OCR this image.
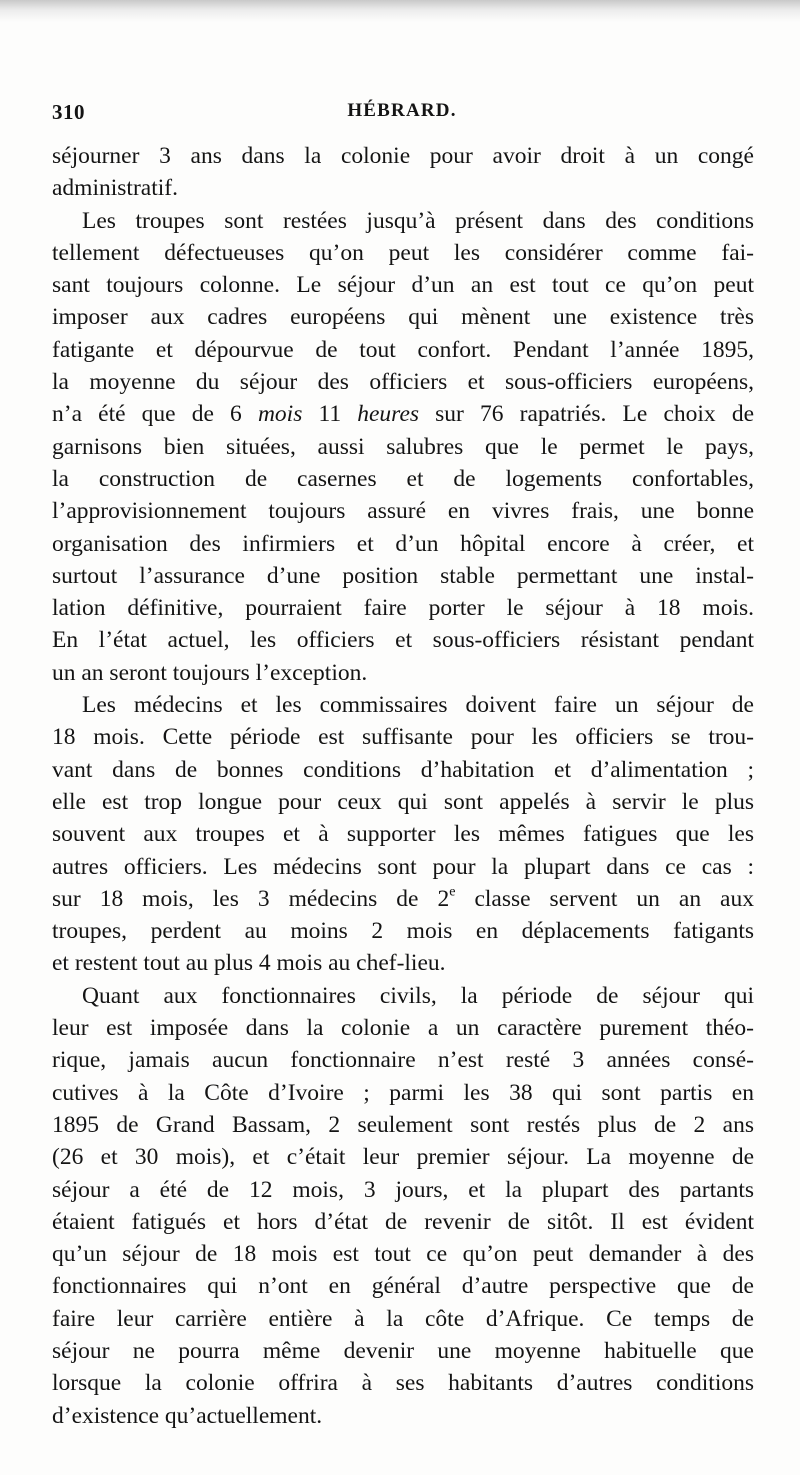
310	HÉBRARD.
séjourner 3 ans dans la colonie pour avoir droit à un congé
administratif.
Les troupes sont restées jusqu’à présent dans des conditions
tellement défectueuses qu’on peut les considérer comme fai-
sant toujours colonne. Le séjour d’un an est tout ce qu’on peut
imposer aux cadres européens qui mènent une existence très
fatigante et dépourvue de tout confort. Pendant l’année 1895,
la moyenne du séjour des officiers et sous-officiers européens,
n’a été que de 6 mois 11 heures sur 76 rapatriés. Le choix de
garnisons bien situées, aussi salubres que le permet le pays,
la construction de casernes et de logements confortables,
l’approvisionnement toujours assuré en vivres frais, une bonne
organisation des infirmiers et d’un hôpital encore à créer, et
surtout l’assurance d’une position stable permettant une instal-
lation définitive, pourraient faire porter le séjour à 18 mois.
En l’état actuel, les officiers et sous-officiers résistant pendant
un an seront toujours l’exception.
Les médecins et les commissaires doivent faire un séjour de
18 mois. Cette période est suffisante pour les officiers se trou-
vant dans de bonnes conditions d’habitation et d’alimentation ;
elle est trop longue pour ceux qui sont appelés à servir le plus
souvent aux troupes et à supporter les mêmes fatigues que les
autres officiers. Les médecins sont pour la plupart dans ce cas :
sur 18 mois, les 3 médecins de 2e classe servent un an aux
troupes, perdent au moins 2 mois en déplacements fatigants
et restent tout au plus 4 mois au chef-lieu.
Quant aux fonctionnaires civils, la période de séjour qui
leur est imposée dans la colonie a un caractère purement théo-
rique, jamais aucun fonctionnaire n’est resté 3 années consé-
cutives à la Côte d’Ivoire ; parmi les 38 qui sont partis en
1895 de Grand Bassam, 2 seulement sont restés plus de 2 ans
(26 et 30 mois), et c’était leur premier séjour. La moyenne de
séjour a été de 12 mois, 3 jours, et la plupart des partants
étaient fatigués et hors d’état de revenir de sitôt. Il est évident
qu’un séjour de 18 mois est tout ce qu’on peut demander à des
fonctionnaires qui n’ont en général d’autre perspective que de
faire leur carrière entière à la côte d’Afrique. Ce temps de
séjour ne pourra même devenir une moyenne habituelle que
lorsque la colonie offrira à ses habitants d’autres conditions
d’existence qu’actuellement.
